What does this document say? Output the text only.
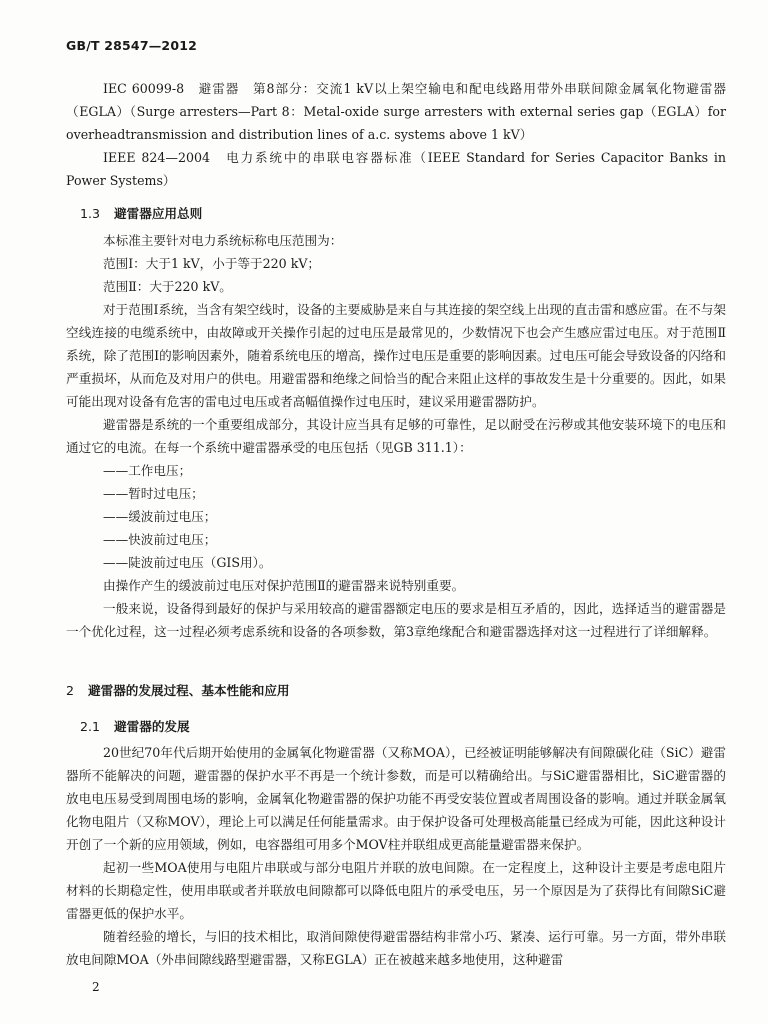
GB/T 28547—2012

IEC 60099-8　避雷器　第8部分：交流1 kV以上架空输电和配电线路用带外串联间隙金属氧化物避雷器（EGLA）（Surge arresters—Part 8：Metal-oxide surge arresters with external series gap（EGLA）for overheadtransmission and distribution lines of a.c. systems above 1 kV）

IEEE 824—2004　电力系统中的串联电容器标准（IEEE Standard for Series Capacitor Banks in Power Systems）

1.3 避雷器应用总则

本标准主要针对电力系统标称电压范围为：

范围Ⅰ：大于1 kV，小于等于220 kV；

范围Ⅱ：大于220 kV。

对于范围Ⅰ系统，当含有架空线时，设备的主要威胁是来自与其连接的架空线上出现的直击雷和感应雷。在不与架空线连接的电缆系统中，由故障或开关操作引起的过电压是最常见的，少数情况下也会产生感应雷过电压。对于范围Ⅱ系统，除了范围Ⅰ的影响因素外，随着系统电压的增高，操作过电压是重要的影响因素。过电压可能会导致设备的闪络和严重损坏，从而危及对用户的供电。用避雷器和绝缘之间恰当的配合来阻止这样的事故发生是十分重要的。因此，如果可能出现对设备有危害的雷电过电压或者高幅值操作过电压时，建议采用避雷器防护。

避雷器是系统的一个重要组成部分，其设计应当具有足够的可靠性，足以耐受在污秽或其他安装环境下的电压和通过它的电流。在每一个系统中避雷器承受的电压包括（见GB 311.1）：

——工作电压；

——暂时过电压；

——缓波前过电压；

——快波前过电压；

——陡波前过电压（GIS用）。

由操作产生的缓波前过电压对保护范围Ⅱ的避雷器来说特别重要。

一般来说，设备得到最好的保护与采用较高的避雷器额定电压的要求是相互矛盾的，因此，选择适当的避雷器是一个优化过程，这一过程必须考虑系统和设备的各项参数，第3章绝缘配合和避雷器选择对这一过程进行了详细解释。

2 避雷器的发展过程、基本性能和应用
2.1 避雷器的发展

20世纪70年代后期开始使用的金属氧化物避雷器（又称MOA），已经被证明能够解决有间隙碳化硅（SiC）避雷器所不能解决的问题，避雷器的保护水平不再是一个统计参数，而是可以精确给出。与SiC避雷器相比，SiC避雷器的放电电压易受到周围电场的影响，金属氧化物避雷器的保护功能不再受安装位置或者周围设备的影响。通过并联金属氧化物电阻片（又称MOV），理论上可以满足任何能量需求。由于保护设备可处理极高能量已经成为可能，因此这种设计开创了一个新的应用领域，例如，电容器组可用多个MOV柱并联组成更高能量避雷器来保护。

起初一些MOA使用与电阻片串联或与部分电阻片并联的放电间隙。在一定程度上，这种设计主要是考虑电阻片材料的长期稳定性，使用串联或者并联放电间隙都可以降低电阻片的承受电压，另一个原因是为了获得比有间隙SiC避雷器更低的保护水平。

随着经验的增长，与旧的技术相比，取消间隙使得避雷器结构非常小巧、紧凑、运行可靠。另一方面，带外串联放电间隙MOA（外串间隙线路型避雷器，又称EGLA）正在被越来越多地使用，这种避雷

2
